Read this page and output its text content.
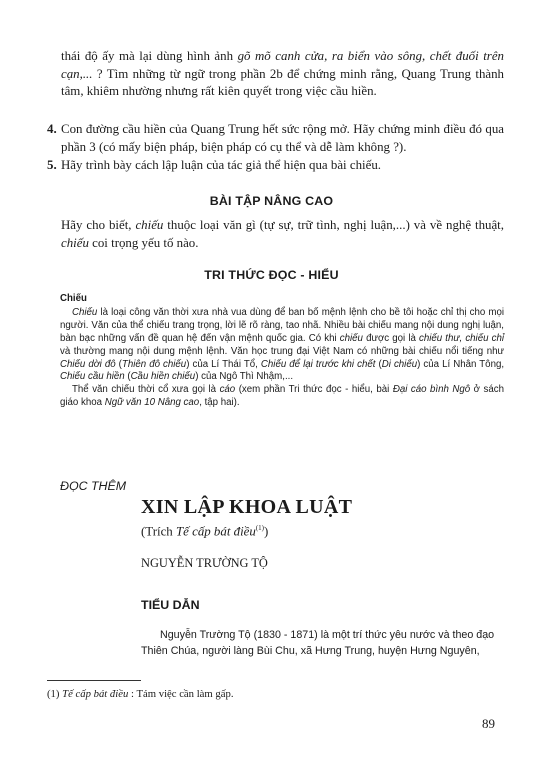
thái độ ấy mà lại dùng hình ảnh gõ mõ canh cửa, ra biển vào sông, chết đuối trên cạn,... ? Tìm những từ ngữ trong phần 2b để chứng minh rằng, Quang Trung thành tâm, khiêm nhường nhưng rất kiên quyết trong việc cầu hiền.
4. Con đường cầu hiền của Quang Trung hết sức rộng mở. Hãy chứng minh điều đó qua phần 3 (có mấy biện pháp, biện pháp có cụ thể và dễ làm không ?).
5. Hãy trình bày cách lập luận của tác giả thể hiện qua bài chiếu.
BÀI TẬP NÂNG CAO
Hãy cho biết, chiếu thuộc loại văn gì (tự sự, trữ tình, nghị luận,...) và về nghệ thuật, chiếu coi trọng yếu tố nào.
TRI THỨC ĐỌC - HIỂU

Chiếu

Chiếu là loại công văn thời xưa nhà vua dùng để ban bố mệnh lệnh cho bề tôi hoặc chỉ thị cho mọi người. Văn của thể chiếu trang trọng, lời lẽ rõ ràng, tao nhã. Nhiều bài chiếu mang nội dung nghị luận, bàn bạc những vấn đề quan hệ đến vận mệnh quốc gia. Có khi chiếu được gọi là chiếu thư, chiếu chỉ và thường mang nội dung mệnh lệnh. Văn học trung đại Việt Nam có những bài chiếu nổi tiếng như Chiếu dời đô (Thiên đô chiếu) của Lí Thái Tổ, Chiếu để lại trước khi chết (Di chiếu) của Lí Nhân Tông, Chiếu cầu hiền (Cầu hiền chiếu) của Ngô Thì Nhậm,...

Thể văn chiếu thời cổ xưa gọi là cáo (xem phần Tri thức đọc - hiểu, bài Đại cáo bình Ngô ở sách giáo khoa Ngữ văn 10 Nâng cao, tập hai).

ĐỌC THÊM
XIN LẬP KHOA LUẬT
(Trích Tế cấp bát điều$^{(1)}$)
NGUYỄN TRƯỜNG TỘ
TIỂU DẪN
Nguyễn Trường Tộ (1830 - 1871) là một trí thức yêu nước và theo đạo
Thiên Chúa, người làng Bùi Chu, xã Hưng Trung, huyện Hưng Nguyên,
(1) Tế cấp bát điều : Tám việc cần làm gấp.
89
